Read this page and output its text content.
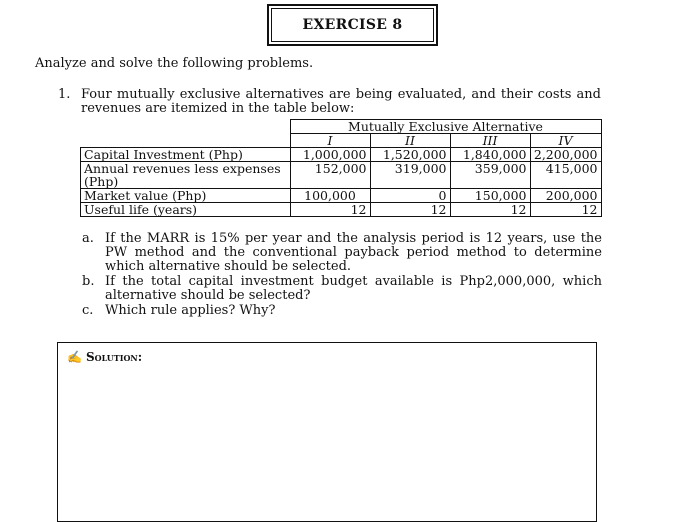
EXERCISE 8
Analyze and solve the following problems.
1. Four mutually exclusive alternatives are being evaluated, and their costs and revenues are itemized in the table below:
	Mutually Exclusive Alternative			
	I	II	III	IV
Capital Investment (Php)	1,000,000	1,520,000	1,840,000	2,200,000
Annual revenues less expenses (Php)	152,000	319,000	359,000	415,000
Market value (Php)	100,000	0	150,000	200,000
Useful life (years)	12	12	12	12
a. If the MARR is 15% per year and the analysis period is 12 years, use the PW method and the conventional payback period method to determine which alternative should be selected.
b. If the total capital investment budget available is Php2,000,000, which alternative should be selected?
c. Which rule applies? Why?
✍ Solution:
